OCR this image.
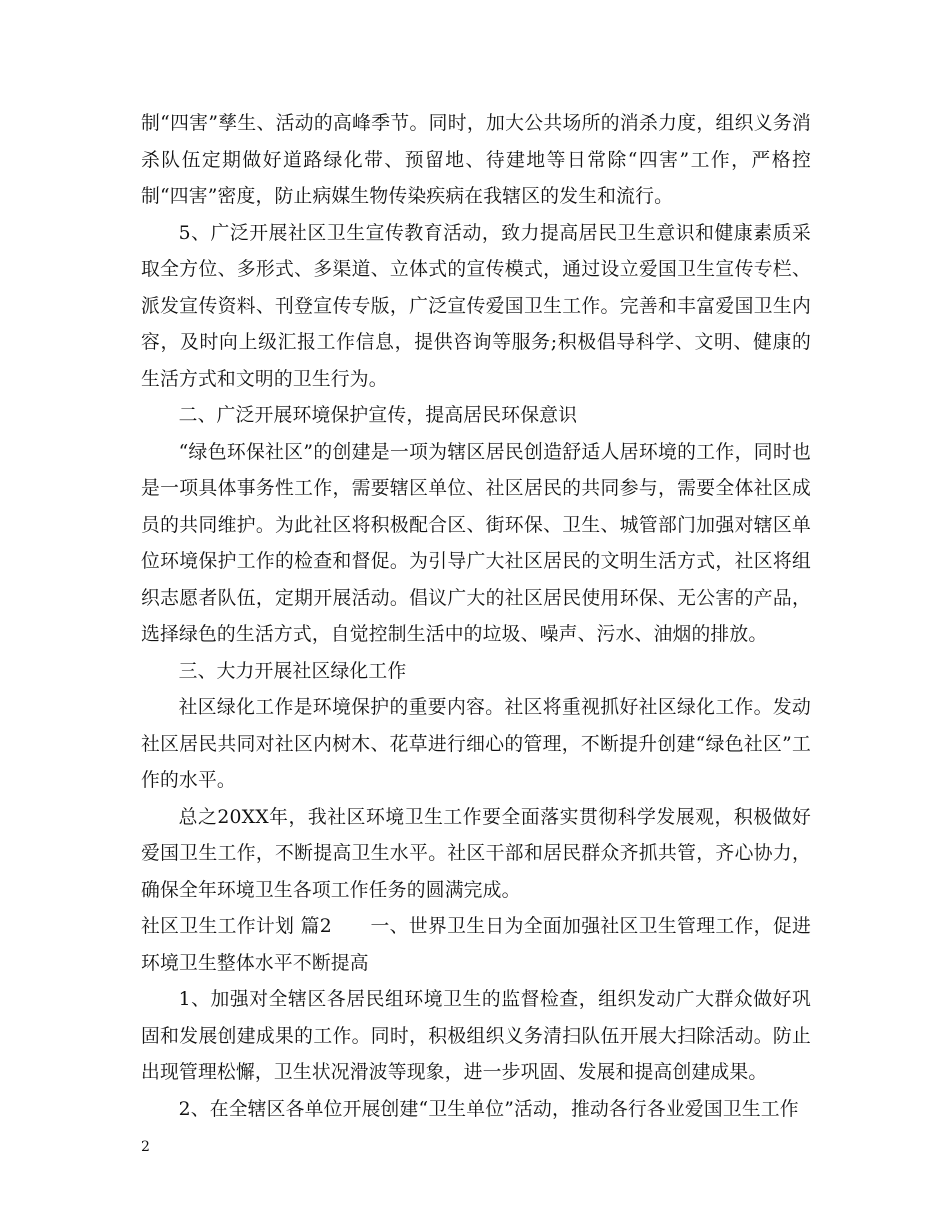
制“四害”孳生、活动的高峰季节。同时，加大公共场所的消杀力度，组织义务消杀队伍定期做好道路绿化带、预留地、待建地等日常除“四害”工作，严格控制“四害”密度，防止病媒生物传染疾病在我辖区的发生和流行。

5、广泛开展社区卫生宣传教育活动，致力提高居民卫生意识和健康素质采取全方位、多形式、多渠道、立体式的宣传模式，通过设立爱国卫生宣传专栏、派发宣传资料、刊登宣传专版，广泛宣传爱国卫生工作。完善和丰富爱国卫生内容，及时向上级汇报工作信息，提供咨询等服务;积极倡导科学、文明、健康的生活方式和文明的卫生行为。

二、广泛开展环境保护宣传，提高居民环保意识

“绿色环保社区”的创建是一项为辖区居民创造舒适人居环境的工作，同时也是一项具体事务性工作，需要辖区单位、社区居民的共同参与，需要全体社区成员的共同维护。为此社区将积极配合区、街环保、卫生、城管部门加强对辖区单位环境保护工作的检查和督促。为引导广大社区居民的文明生活方式，社区将组织志愿者队伍，定期开展活动。倡议广大的社区居民使用环保、无公害的产品，选择绿色的生活方式，自觉控制生活中的垃圾、噪声、污水、油烟的排放。

三、大力开展社区绿化工作

社区绿化工作是环境保护的重要内容。社区将重视抓好社区绿化工作。发动社区居民共同对社区内树木、花草进行细心的管理，不断提升创建“绿色社区”工作的水平。

总之20XX年，我社区环境卫生工作要全面落实贯彻科学发展观，积极做好爱国卫生工作，不断提高卫生水平。社区干部和居民群众齐抓共管，齐心协力，确保全年环境卫生各项工作任务的圆满完成。

社区卫生工作计划 篇2　　一、世界卫生日为全面加强社区卫生管理工作，促进环境卫生整体水平不断提高

1、加强对全辖区各居民组环境卫生的监督检查，组织发动广大群众做好巩固和发展创建成果的工作。同时，积极组织义务清扫队伍开展大扫除活动。防止出现管理松懈，卫生状况滑波等现象，进一步巩固、发展和提高创建成果。

2、在全辖区各单位开展创建“卫生单位”活动，推动各行各业爱国卫生工作

2
